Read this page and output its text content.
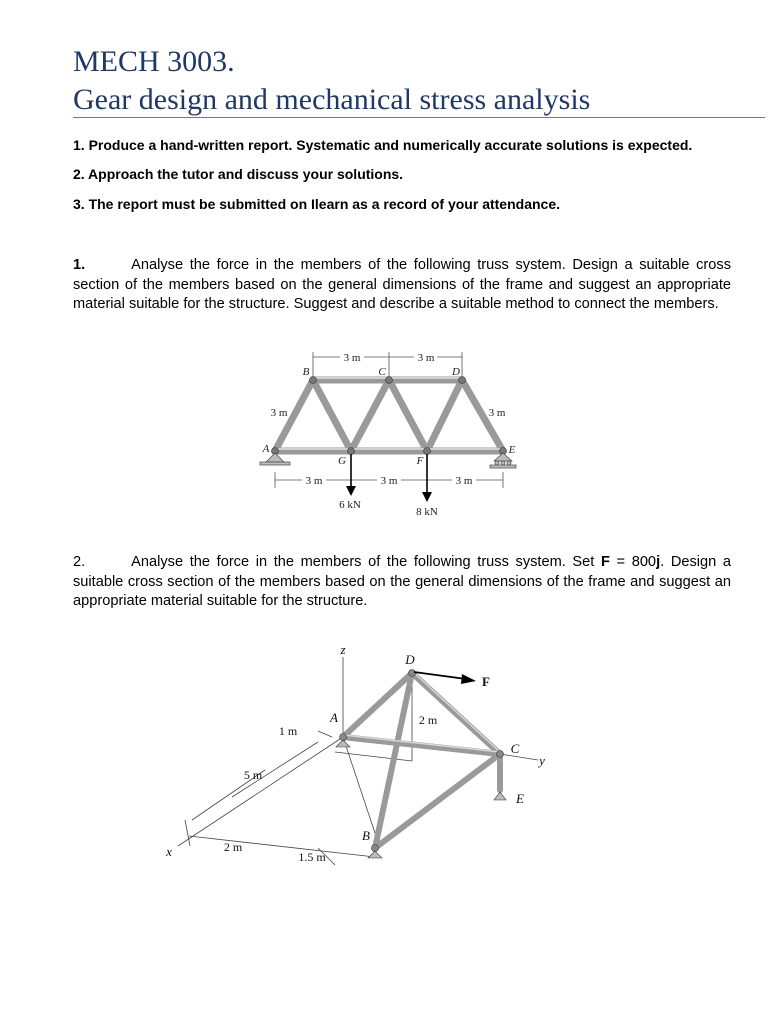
MECH 3003.
Gear design and mechanical stress analysis
1. Produce a hand-written report. Systematic and numerically accurate solutions is expected.
2. Approach the tutor and discuss your solutions.
3. The report must be submitted on Ilearn as a record of your attendance.
1.	Analyse the force in the members of the following truss system. Design a suitable cross section of the members based on the general dimensions of the frame and suggest an appropriate material suitable for the structure. Suggest and describe a suitable method to connect the members.
3 m	3 m
3 m	3 m
3 m	3 m	3 m
6 kN
8 kN
A
B	C	D
E
F
G
2.	Analyse the force in the members of the following truss system. Set F = 800j. Design a suitable cross section of the members based on the general dimensions of the frame and suggest an appropriate material suitable for the structure.
z
y
x
D
A
C
E
B
F
2 m
1 m
5 m
2 m
1.5 m
